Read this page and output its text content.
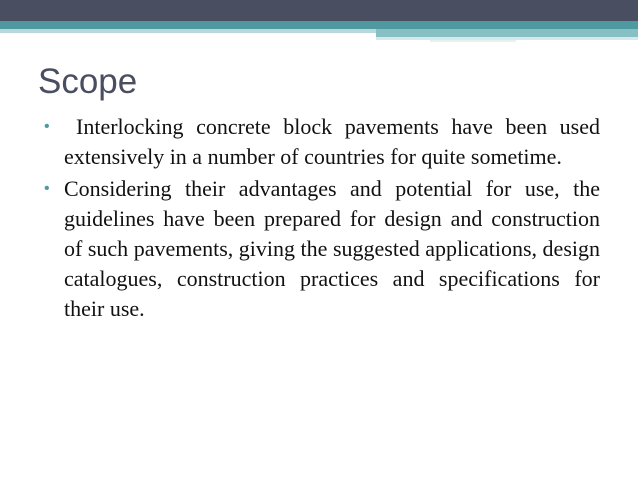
Scope
•	Interlocking concrete block pavements have been used extensively in a number of countries for quite sometime.
• Considering their advantages and potential for use, the guidelines have been prepared for design and construction of such pavements, giving the suggested applications, design catalogues, construction practices and specifications for their use.
